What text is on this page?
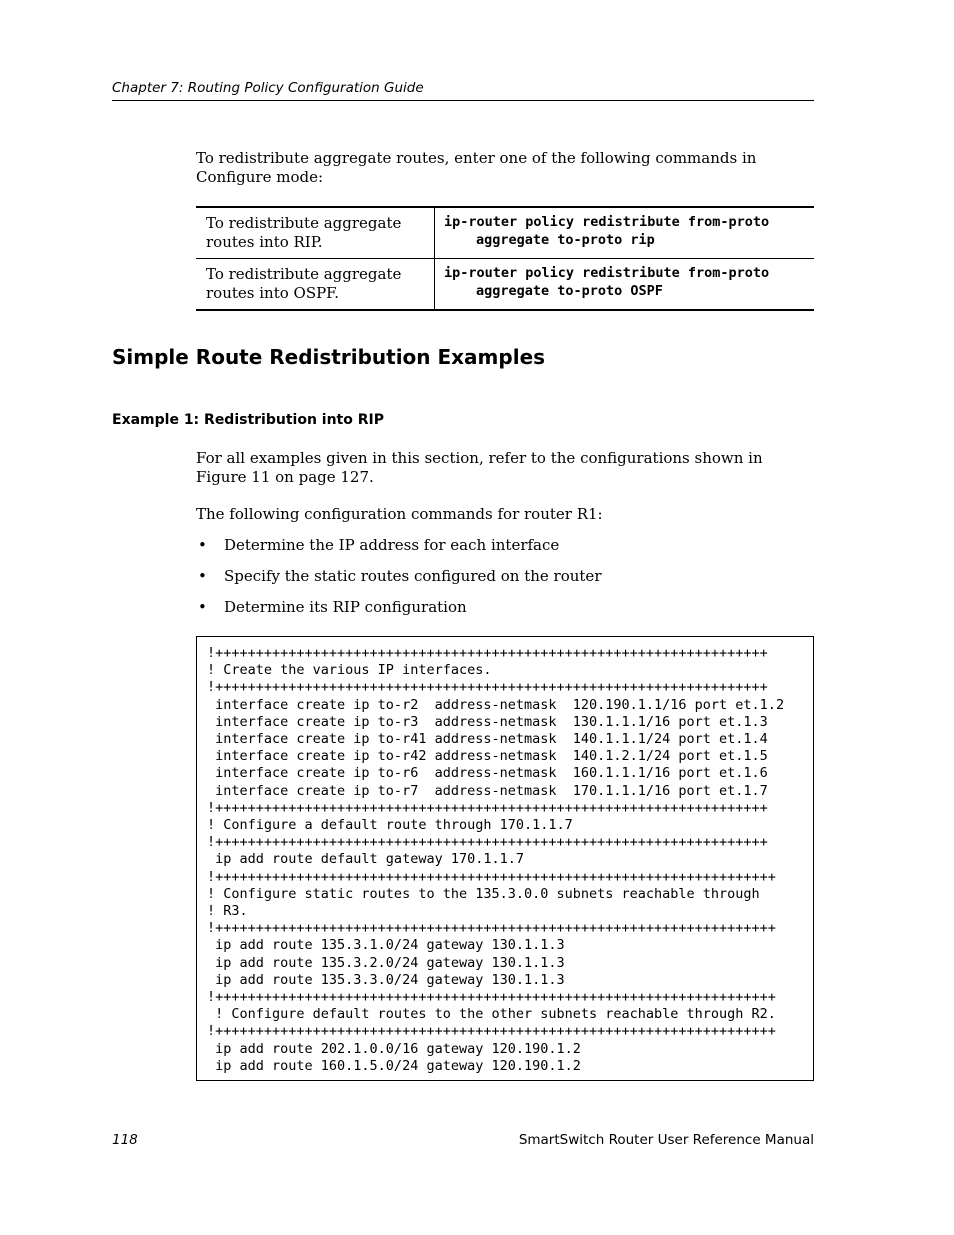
Chapter 7: Routing Policy Configuration Guide

To redistribute aggregate routes, enter one of the following commands in Configure mode:

To redistribute aggregate routes into RIP.	ip-router policy redistribute from-proto
aggregate to-proto rip

To redistribute aggregate routes into OSPF.	ip-router policy redistribute from-proto
aggregate to-proto OSPF
Simple Route Redistribution Examples
Example 1: Redistribution into RIP

For all examples given in this section, refer to the configurations shown in Figure 11 on page 127.

The following configuration commands for router R1:

• Determine the IP address for each interface
• Specify the static routes configured on the router
• Determine its RIP configuration
!++++++++++++++++++++++++++++++++++++++++++++++++++++++++++++++++++++
! Create the various IP interfaces.
!++++++++++++++++++++++++++++++++++++++++++++++++++++++++++++++++++++
interface create ip to-r2  address-netmask  120.190.1.1/16 port et.1.2
interface create ip to-r3  address-netmask  130.1.1.1/16 port et.1.3
interface create ip to-r41 address-netmask  140.1.1.1/24 port et.1.4
interface create ip to-r42 address-netmask  140.1.2.1/24 port et.1.5
interface create ip to-r6  address-netmask  160.1.1.1/16 port et.1.6
interface create ip to-r7  address-netmask  170.1.1.1/16 port et.1.7
!++++++++++++++++++++++++++++++++++++++++++++++++++++++++++++++++++++
! Configure a default route through 170.1.1.7
!++++++++++++++++++++++++++++++++++++++++++++++++++++++++++++++++++++
ip add route default gateway 170.1.1.7
!+++++++++++++++++++++++++++++++++++++++++++++++++++++++++++++++++++++
! Configure static routes to the 135.3.0.0 subnets reachable through
! R3.
!+++++++++++++++++++++++++++++++++++++++++++++++++++++++++++++++++++++
ip add route 135.3.1.0/24 gateway 130.1.1.3
ip add route 135.3.2.0/24 gateway 130.1.1.3
ip add route 135.3.3.0/24 gateway 130.1.1.3
!+++++++++++++++++++++++++++++++++++++++++++++++++++++++++++++++++++++
! Configure default routes to the other subnets reachable through R2.
!+++++++++++++++++++++++++++++++++++++++++++++++++++++++++++++++++++++
ip add route 202.1.0.0/16 gateway 120.190.1.2
ip add route 160.1.5.0/24 gateway 120.190.1.2
118	SmartSwitch Router User Reference Manual
